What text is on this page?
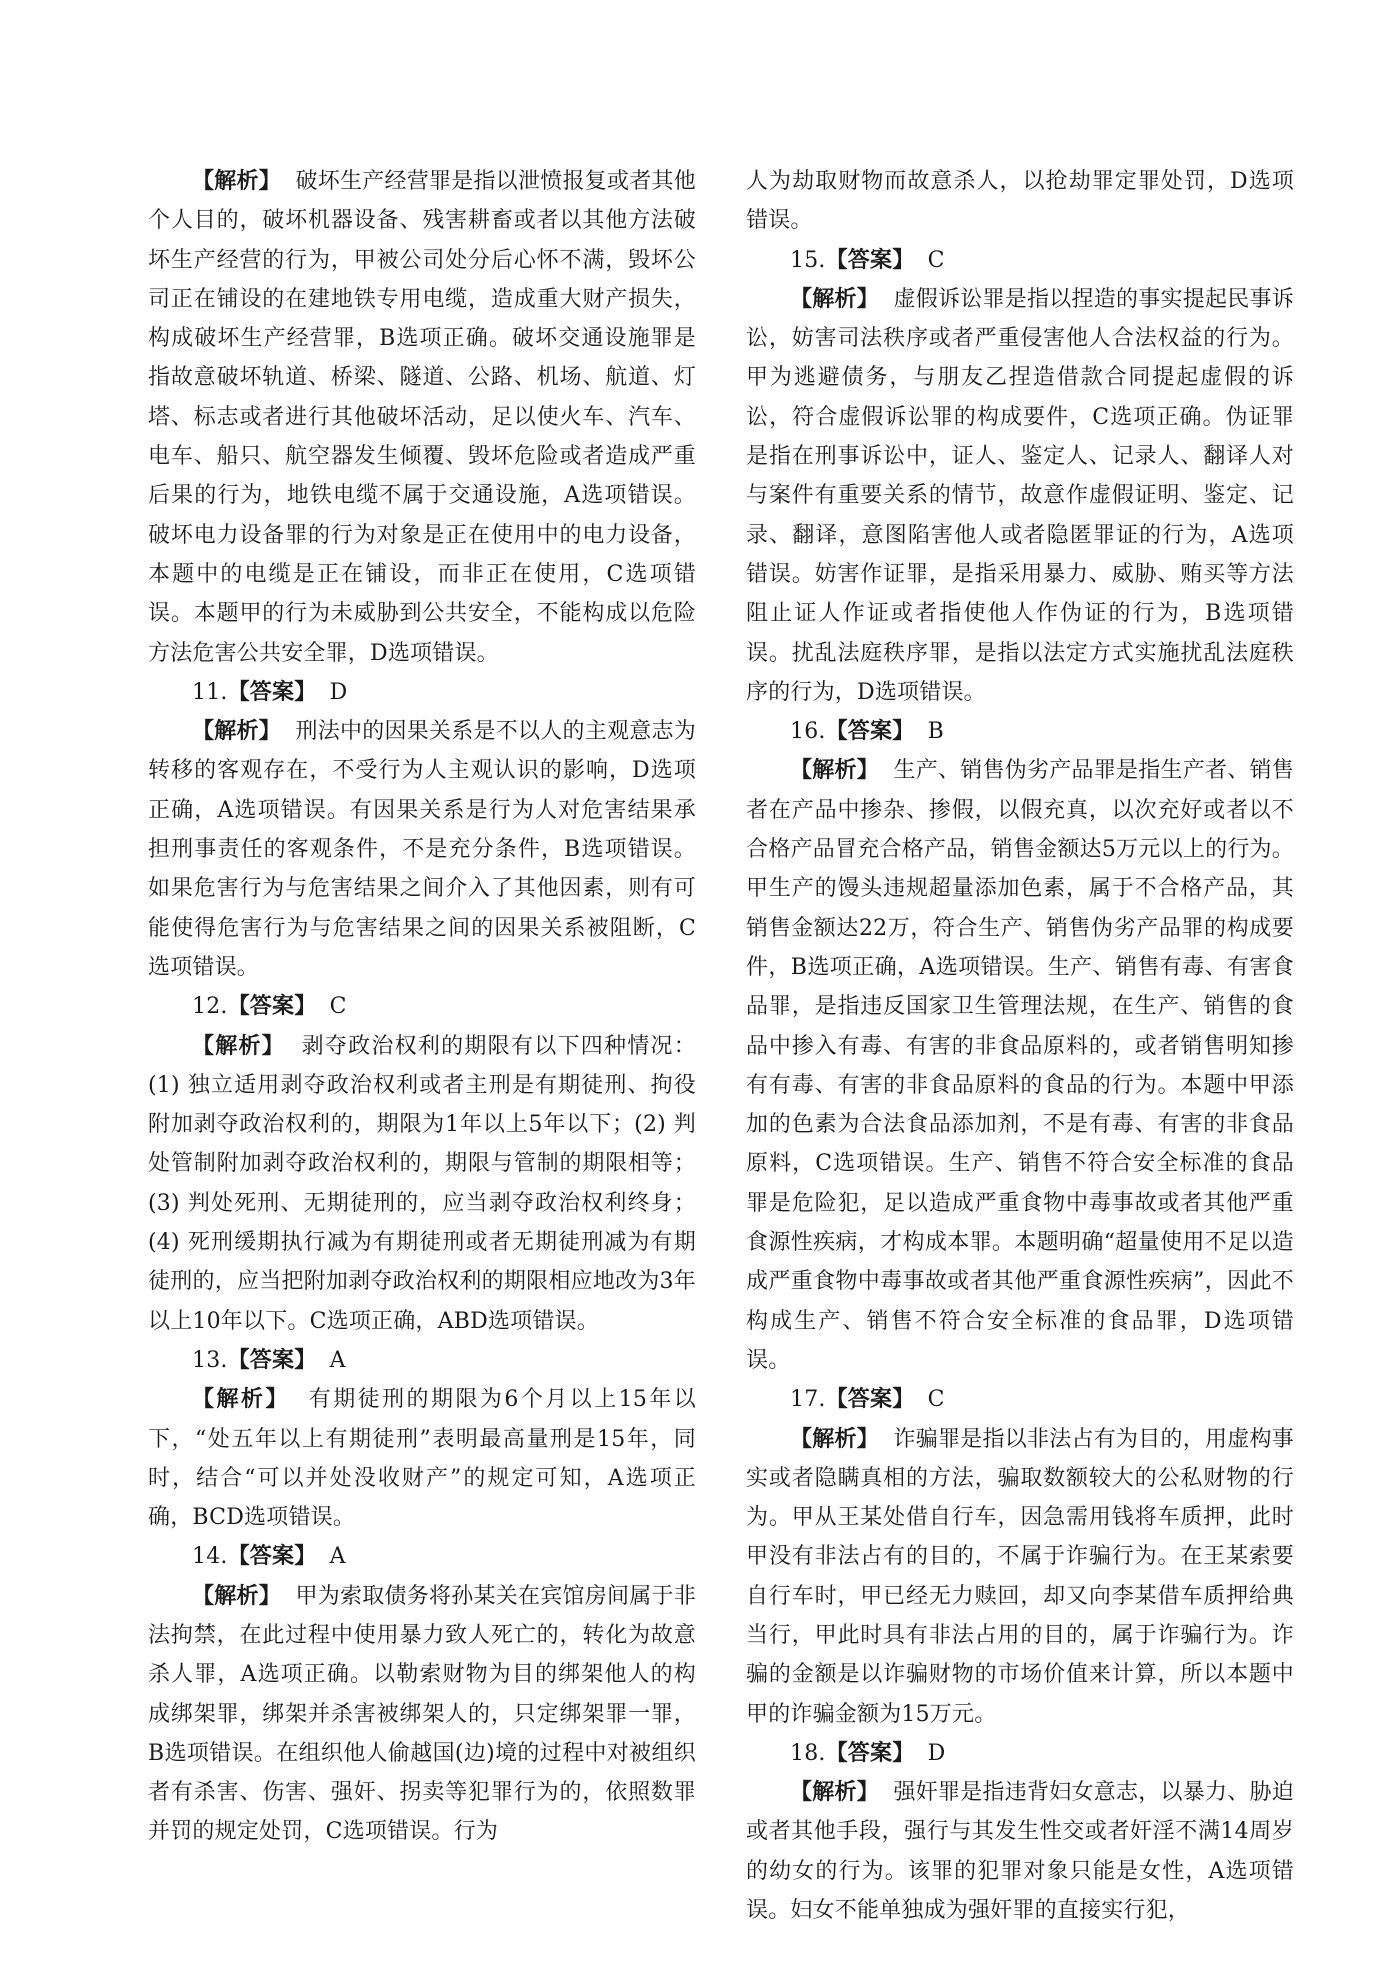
【解析】 破坏生产经营罪是指以泄愤报复或者其他个人目的，破坏机器设备、残害耕畜或者以其他方法破坏生产经营的行为，甲被公司处分后心怀不满，毁坏公司正在铺设的在建地铁专用电缆，造成重大财产损失，构成破坏生产经营罪，B选项正确。破坏交通设施罪是指故意破坏轨道、桥梁、隧道、公路、机场、航道、灯塔、标志或者进行其他破坏活动，足以使火车、汽车、电车、船只、航空器发生倾覆、毁坏危险或者造成严重后果的行为，地铁电缆不属于交通设施，A选项错误。破坏电力设备罪的行为对象是正在使用中的电力设备，本题中的电缆是正在铺设，而非正在使用，C选项错误。本题甲的行为未威胁到公共安全，不能构成以危险方法危害公共安全罪，D选项错误。

11.【答案】 D

【解析】 刑法中的因果关系是不以人的主观意志为转移的客观存在，不受行为人主观认识的影响，D选项正确，A选项错误。有因果关系是行为人对危害结果承担刑事责任的客观条件，不是充分条件，B选项错误。如果危害行为与危害结果之间介入了其他因素，则有可能使得危害行为与危害结果之间的因果关系被阻断，C选项错误。

12.【答案】 C

【解析】 剥夺政治权利的期限有以下四种情况：(1) 独立适用剥夺政治权利或者主刑是有期徒刑、拘役附加剥夺政治权利的，期限为1年以上5年以下；(2) 判处管制附加剥夺政治权利的，期限与管制的期限相等；(3) 判处死刑、无期徒刑的，应当剥夺政治权利终身；(4) 死刑缓期执行减为有期徒刑或者无期徒刑减为有期徒刑的，应当把附加剥夺政治权利的期限相应地改为3年以上10年以下。C选项正确，ABD选项错误。

13.【答案】 A

【解析】 有期徒刑的期限为6个月以上15年以下，“处五年以上有期徒刑”表明最高量刑是15年，同时，结合“可以并处没收财产”的规定可知，A选项正确，BCD选项错误。

14.【答案】 A

【解析】 甲为索取债务将孙某关在宾馆房间属于非法拘禁，在此过程中使用暴力致人死亡的，转化为故意杀人罪，A选项正确。以勒索财物为目的绑架他人的构成绑架罪，绑架并杀害被绑架人的，只定绑架罪一罪，B选项错误。在组织他人偷越国(边)境的过程中对被组织者有杀害、伤害、强奸、拐卖等犯罪行为的，依照数罪并罚的规定处罚，C选项错误。行为

人为劫取财物而故意杀人，以抢劫罪定罪处罚，D选项错误。

15.【答案】 C

【解析】 虚假诉讼罪是指以捏造的事实提起民事诉讼，妨害司法秩序或者严重侵害他人合法权益的行为。甲为逃避债务，与朋友乙捏造借款合同提起虚假的诉讼，符合虚假诉讼罪的构成要件，C选项正确。伪证罪是指在刑事诉讼中，证人、鉴定人、记录人、翻译人对与案件有重要关系的情节，故意作虚假证明、鉴定、记录、翻译，意图陷害他人或者隐匿罪证的行为，A选项错误。妨害作证罪，是指采用暴力、威胁、贿买等方法阻止证人作证或者指使他人作伪证的行为，B选项错误。扰乱法庭秩序罪，是指以法定方式实施扰乱法庭秩序的行为，D选项错误。

16.【答案】 B

【解析】 生产、销售伪劣产品罪是指生产者、销售者在产品中掺杂、掺假，以假充真，以次充好或者以不合格产品冒充合格产品，销售金额达5万元以上的行为。甲生产的馒头违规超量添加色素，属于不合格产品，其销售金额达22万，符合生产、销售伪劣产品罪的构成要件，B选项正确，A选项错误。生产、销售有毒、有害食品罪，是指违反国家卫生管理法规，在生产、销售的食品中掺入有毒、有害的非食品原料的，或者销售明知掺有有毒、有害的非食品原料的食品的行为。本题中甲添加的色素为合法食品添加剂，不是有毒、有害的非食品原料，C选项错误。生产、销售不符合安全标准的食品罪是危险犯，足以造成严重食物中毒事故或者其他严重食源性疾病，才构成本罪。本题明确“超量使用不足以造成严重食物中毒事故或者其他严重食源性疾病”，因此不构成生产、销售不符合安全标准的食品罪，D选项错误。

17.【答案】 C

【解析】 诈骗罪是指以非法占有为目的，用虚构事实或者隐瞒真相的方法，骗取数额较大的公私财物的行为。甲从王某处借自行车，因急需用钱将车质押，此时甲没有非法占有的目的，不属于诈骗行为。在王某索要自行车时，甲已经无力赎回，却又向李某借车质押给典当行，甲此时具有非法占用的目的，属于诈骗行为。诈骗的金额是以诈骗财物的市场价值来计算，所以本题中甲的诈骗金额为15万元。

18.【答案】 D

【解析】 强奸罪是指违背妇女意志，以暴力、胁迫或者其他手段，强行与其发生性交或者奸淫不满14周岁的幼女的行为。该罪的犯罪对象只能是女性，A选项错误。妇女不能单独成为强奸罪的直接实行犯，
